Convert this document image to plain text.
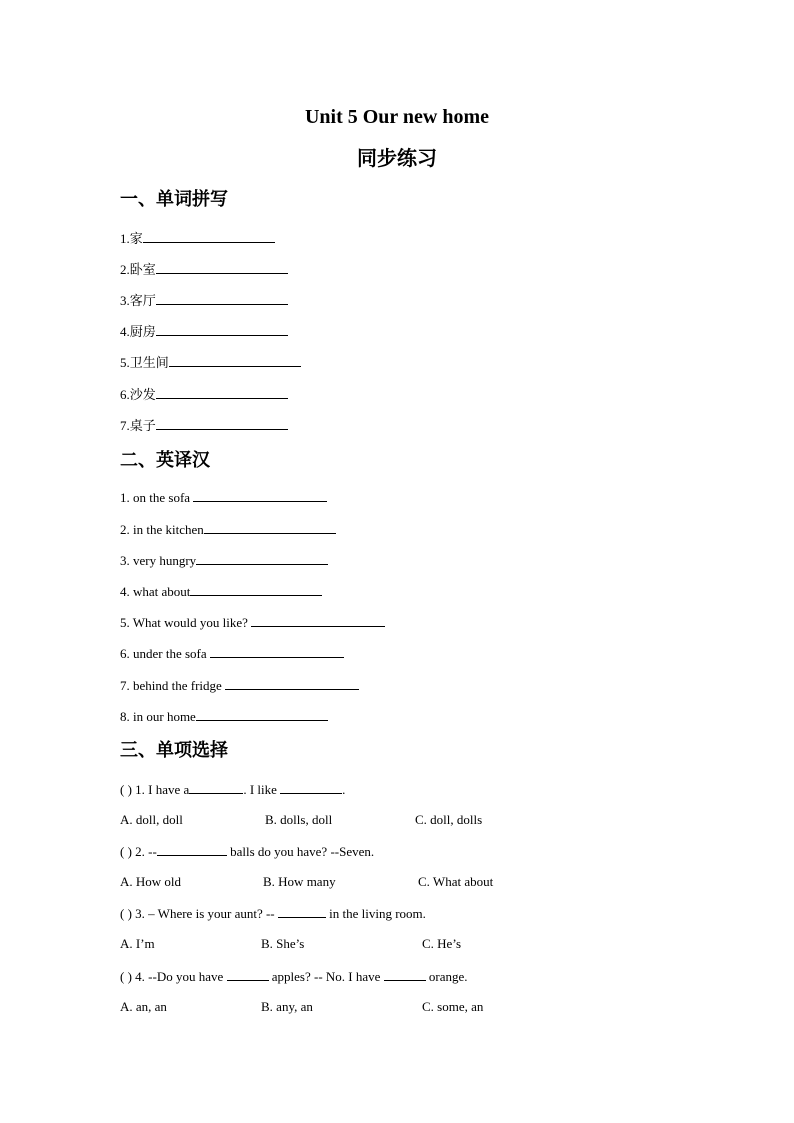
Unit 5 Our new home
同步练习
一、单词拼写

1.家

2.卧室

3.客厅

4.厨房

5.卫生间

6.沙发

7.桌子

二、英译汉

1. on the sofa

2. in the kitchen

3. very hungry

4. what about

5. What would you like?

6. under the sofa

7. behind the fridge

8. in our home

三、单项选择

( ) 1. I have a	. I like	.

A. doll, doll	B. dolls, doll	C. doll, dolls

( ) 2. --	balls do you have? --Seven.

A. How old	B. How many	C. What about

( ) 3. – Where is your aunt? --	in the living room.

A. I’m	B. She’s	C. He’s

( ) 4. --Do you have	apples? -- No. I have	orange.

A. an, an	B. any, an	C. some, an
